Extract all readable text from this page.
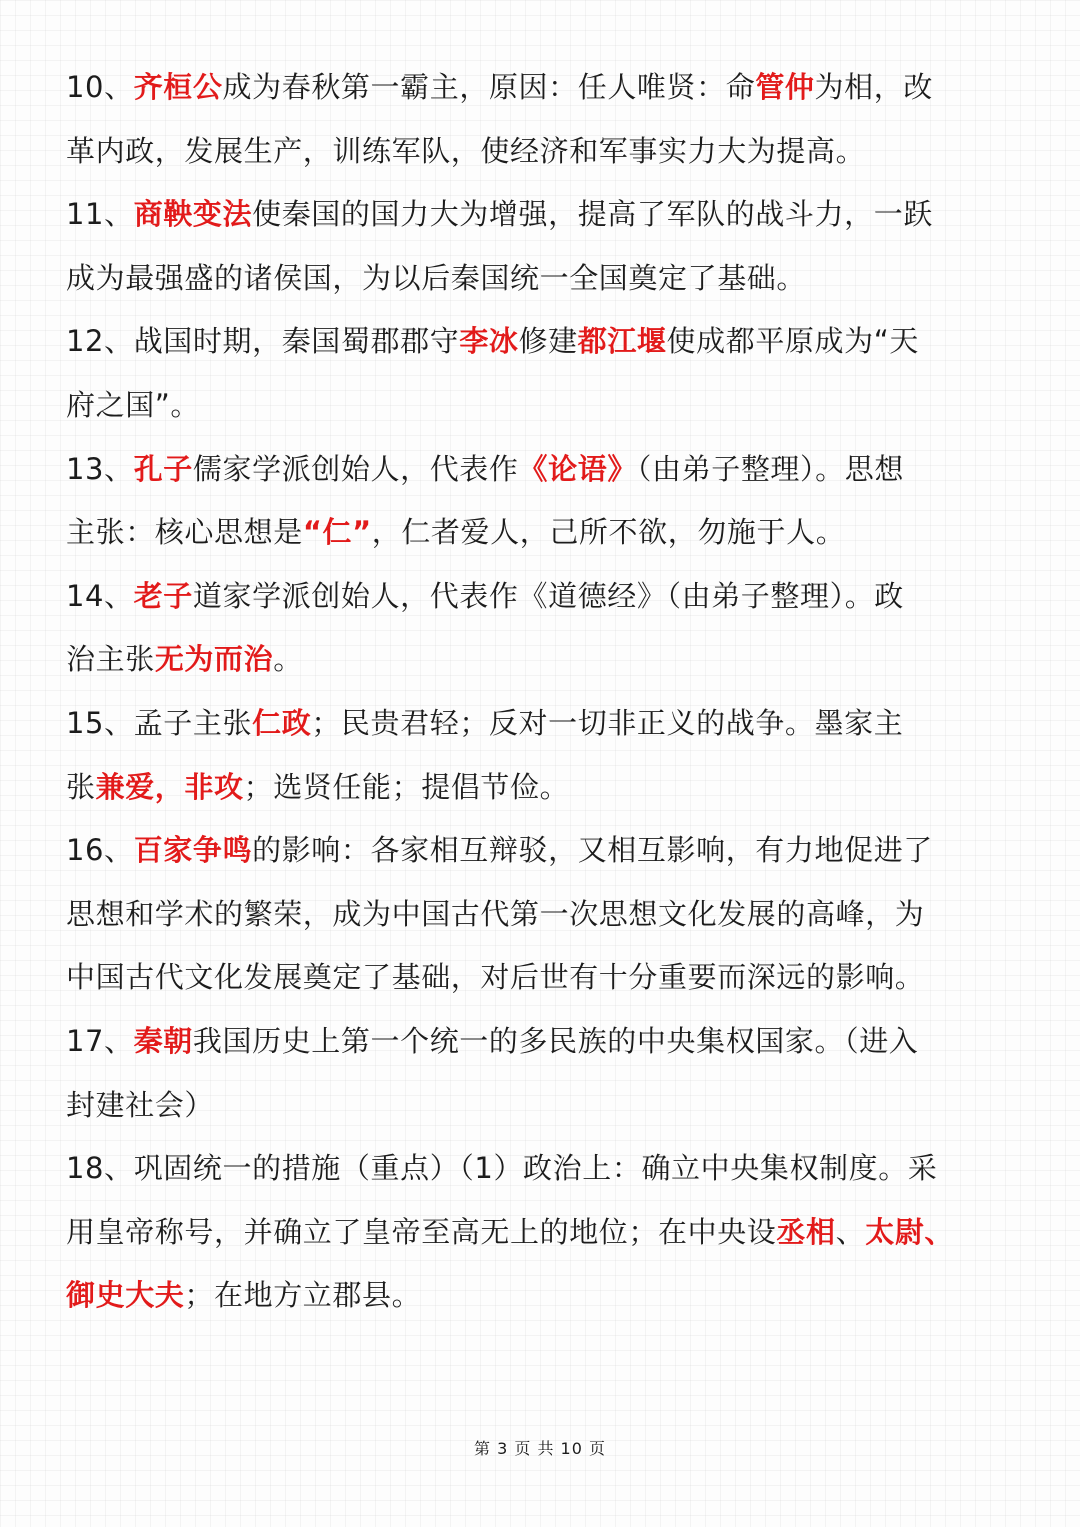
10、齐桓公成为春秋第一霸主，原因：任人唯贤：命管仲为相，改
革内政，发展生产，训练军队，使经济和军事实力大为提高。
11、商鞅变法使秦国的国力大为增强，提高了军队的战斗力，一跃
成为最强盛的诸侯国，为以后秦国统一全国奠定了基础。
12、战国时期，秦国蜀郡郡守李冰修建都江堰使成都平原成为“天
府之国”。
13、孔子儒家学派创始人，代表作《论语》（由弟子整理）。思想
主张：核心思想是“仁”，仁者爱人，己所不欲，勿施于人。
14、老子道家学派创始人，代表作《道德经》（由弟子整理）。政
治主张无为而治。
15、孟子主张仁政；民贵君轻；反对一切非正义的战争。墨家主
张兼爱，非攻；选贤任能；提倡节俭。
16、百家争鸣的影响：各家相互辩驳，又相互影响，有力地促进了
思想和学术的繁荣，成为中国古代第一次思想文化发展的高峰，为
中国古代文化发展奠定了基础，对后世有十分重要而深远的影响。
17、秦朝我国历史上第一个统一的多民族的中央集权国家。（进入
封建社会）
18、巩固统一的措施（重点）（1）政治上：确立中央集权制度。采
用皇帝称号，并确立了皇帝至高无上的地位；在中央设丞相、太尉、
御史大夫；在地方立郡县。
第 3 页 共 10 页
